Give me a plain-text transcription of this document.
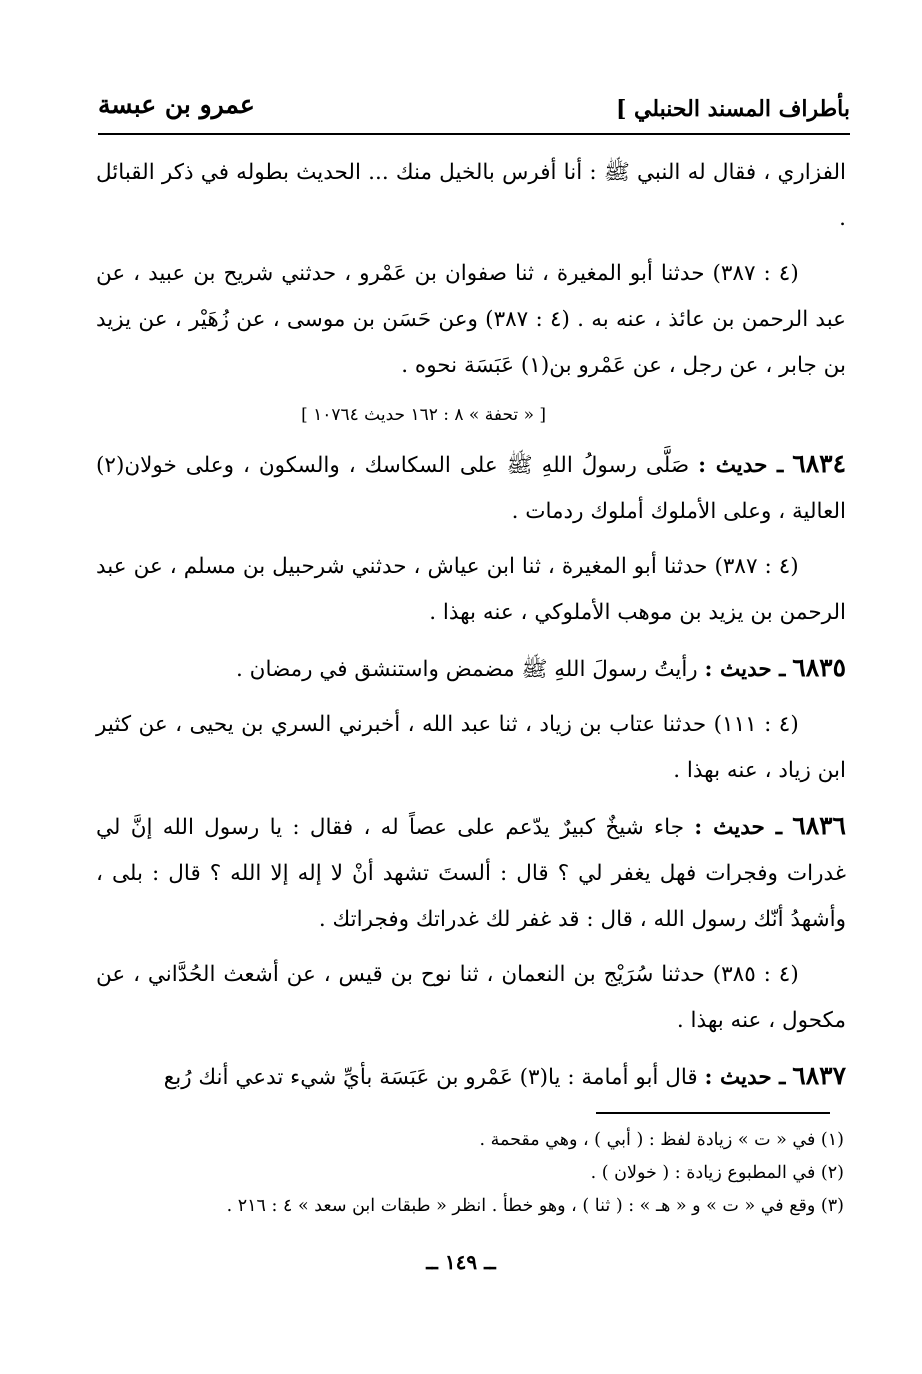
بأطراف المسند الحنبلي ]
عمرو بن عبسة

الفزاري ، فقال له النبي ﷺ : أنا أفرس بالخيل منك ... الحديث بطوله في ذكر القبائل .

(٤ : ٣٨٧) حدثنا أبو المغيرة ، ثنا صفوان بن عَمْرو ، حدثني شريح بن عبيد ، عن عبد الرحمن بن عائذ ، عنه به . (٤ : ٣٨٧) وعن حَسَن بن موسى ، عن زُهَيْر ، عن يزيد بن جابر ، عن رجل ، عن عَمْرو بن(١) عَبَسَة نحوه .

[ « تحفة » ٨ : ١٦٢ حديث ١٠٧٦٤ ]

٦٨٣٤ ـ حديث : صَلَّى رسولُ اللهِ ﷺ على السكاسك ، والسكون ، وعلى خولان(٢) العالية ، وعلى الأملوك أملوك ردمات .

(٤ : ٣٨٧) حدثنا أبو المغيرة ، ثنا ابن عياش ، حدثني شرحبيل بن مسلم ، عن عبد الرحمن بن يزيد بن موهب الأملوكي ، عنه بهذا .

٦٨٣٥ ـ حديث : رأيتُ رسولَ اللهِ ﷺ مضمض واستنشق في رمضان .

(٤ : ١١١) حدثنا عتاب بن زياد ، ثنا عبد الله ، أخبرني السري بن يحيى ، عن كثير ابن زياد ، عنه بهذا .

٦٨٣٦ ـ حديث : جاء شيخٌ كبيرٌ يدّعم على عصاً له ، فقال : يا رسول الله إنَّ لي غدرات وفجرات فهل يغفر لي ؟ قال : ألستَ تشهد أنْ لا إله إلا الله ؟ قال : بلى ، وأشهدُ أنّك رسول الله ، قال : قد غفر لك غدراتك وفجراتك .

(٤ : ٣٨٥) حدثنا سُرَيْج بن النعمان ، ثنا نوح بن قيس ، عن أشعث الحُدَّاني ، عن مكحول ، عنه بهذا .

٦٨٣٧ ـ حديث : قال أبو أمامة : يا(٣) عَمْرو بن عَبَسَة بأيِّ شيء تدعي أنك رُبع

(١) في « ت » زيادة لفظ : ( أبي ) ، وهي مقحمة .
(٢) في المطبوع زيادة : ( خولان ) .
(٣) وقع في « ت » و « هـ » : ( ثنا ) ، وهو خطأ . انظر « طبقات ابن سعد » ٤ : ٢١٦ .
ــ ١٤٩ ــ
